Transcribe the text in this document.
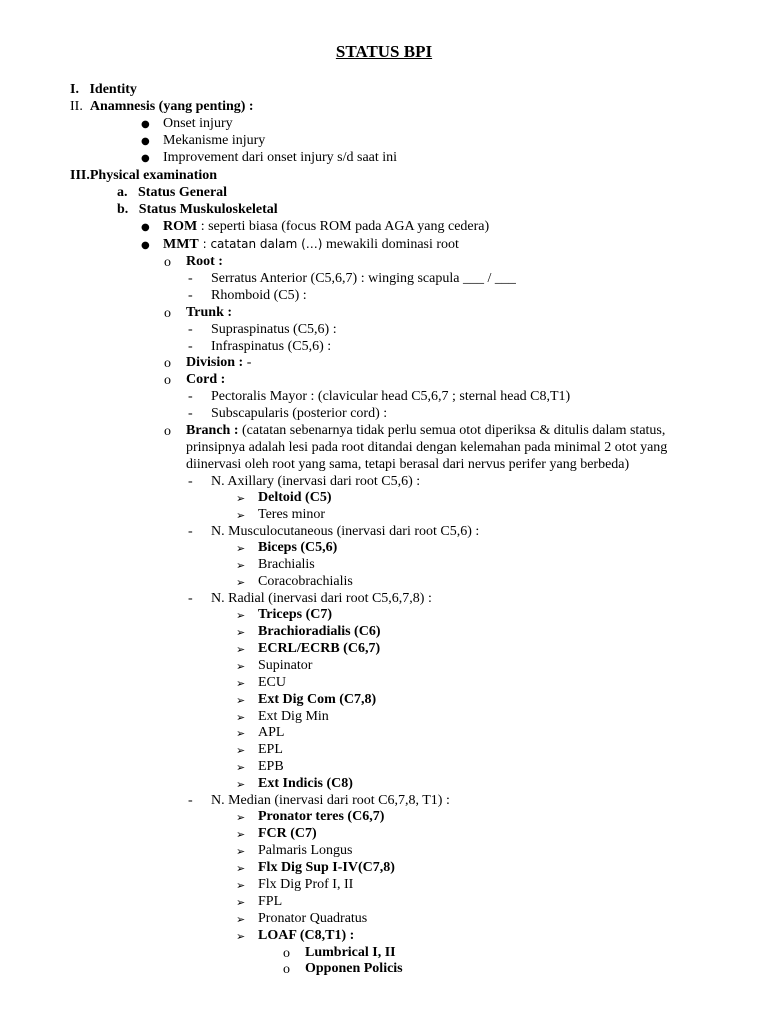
STATUS BPI
I. Identity
II. Anamnesis (yang penting) :
● Onset injury
● Mekanisme injury
● Improvement dari onset injury s/d saat ini
III.Physical examination
a. Status General
b. Status Muskuloskeletal
● ROM : seperti biasa (focus ROM pada AGA yang cedera)
● MMT : catatan dalam (…) mewakili dominasi root
o Root :
- Serratus Anterior (C5,6,7) : winging scapula ___ / ___
- Rhomboid (C5) :
o Trunk :
- Supraspinatus (C5,6) :
- Infraspinatus (C5,6) :
o Division : -
o Cord :
- Pectoralis Mayor : (clavicular head C5,6,7 ; sternal head C8,T1)
- Subscapularis (posterior cord) :
o Branch : (catatan sebenarnya tidak perlu semua otot diperiksa & ditulis dalam status,
prinsipnya adalah lesi pada root ditandai dengan kelemahan pada minimal 2 otot yang
diinervasi oleh root yang sama, tetapi berasal dari nervus perifer yang berbeda)
- N. Axillary (inervasi dari root C5,6) :
➢ Deltoid (C5)
➢ Teres minor
- N. Musculocutaneous (inervasi dari root C5,6) :
➢ Biceps (C5,6)
➢ Brachialis
➢ Coracobrachialis
- N. Radial (inervasi dari root C5,6,7,8) :
➢ Triceps (C7)
➢ Brachioradialis (C6)
➢ ECRL/ECRB (C6,7)
➢ Supinator
➢ ECU
➢ Ext Dig Com (C7,8)
➢ Ext Dig Min
➢ APL
➢ EPL
➢ EPB
➢ Ext Indicis (C8)
- N. Median (inervasi dari root C6,7,8, T1) :
➢ Pronator teres (C6,7)
➢ FCR (C7)
➢ Palmaris Longus
➢ Flx Dig Sup I-IV(C7,8)
➢ Flx Dig Prof I, II
➢ FPL
➢ Pronator Quadratus
➢ LOAF (C8,T1) :
o Lumbrical I, II
o Opponen Policis
